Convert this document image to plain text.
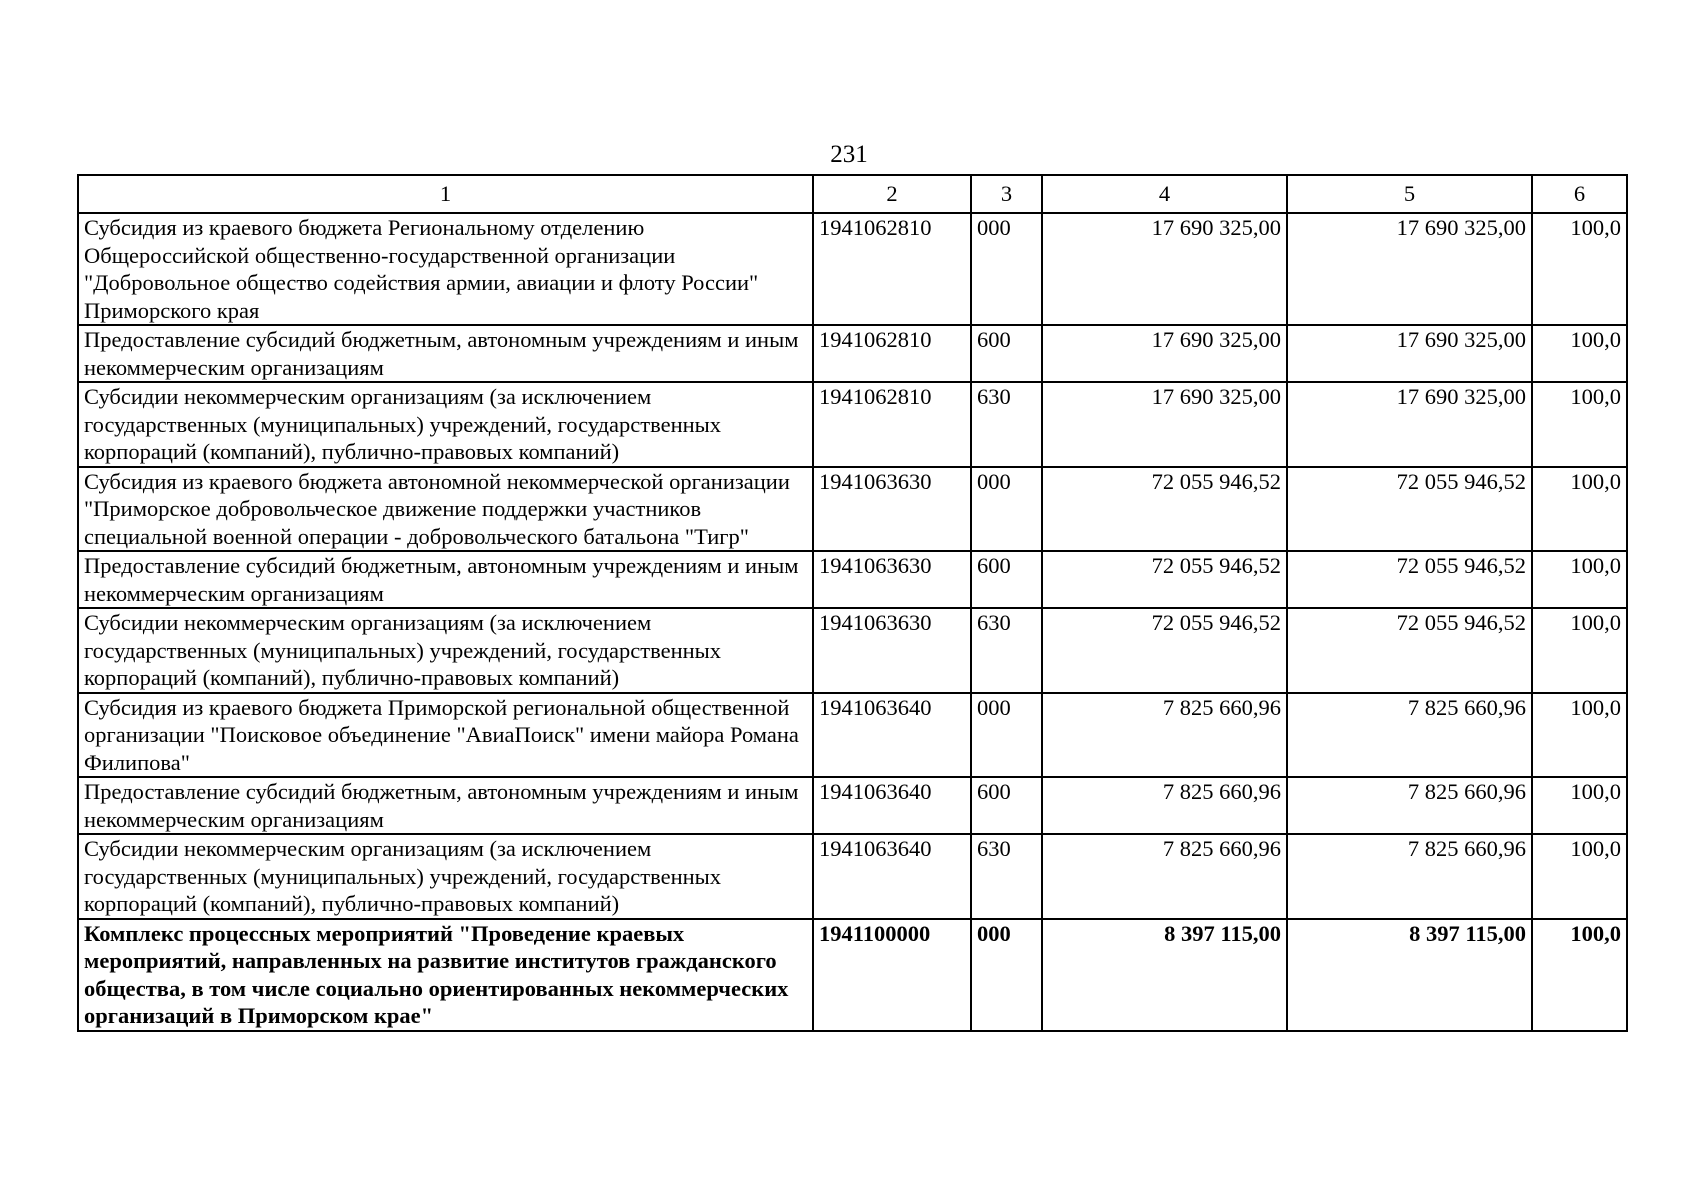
231
1	2	3	4	5	6
Субсидия из краевого бюджета Региональному отделению Общероссийской общественно-государственной организации "Добровольное общество содействия армии, авиации и флоту России" Приморского края	1941062810	000	17 690 325,00	17 690 325,00	100,0
Предоставление субсидий бюджетным, автономным учреждениям и иным некоммерческим организациям	1941062810	600	17 690 325,00	17 690 325,00	100,0
Субсидии некоммерческим организациям (за исключением государственных (муниципальных) учреждений, государственных корпораций (компаний), публично-правовых компаний)	1941062810	630	17 690 325,00	17 690 325,00	100,0
Субсидия из краевого бюджета автономной некоммерческой организации "Приморское добровольческое движение поддержки участников специальной военной операции - добровольческого батальона "Тигр"	1941063630	000	72 055 946,52	72 055 946,52	100,0
Предоставление субсидий бюджетным, автономным учреждениям и иным некоммерческим организациям	1941063630	600	72 055 946,52	72 055 946,52	100,0
Субсидии некоммерческим организациям (за исключением государственных (муниципальных) учреждений, государственных корпораций (компаний), публично-правовых компаний)	1941063630	630	72 055 946,52	72 055 946,52	100,0
Субсидия из краевого бюджета Приморской региональной общественной организации "Поисковое объединение "АвиаПоиск" имени майора Романа Филипова"	1941063640	000	7 825 660,96	7 825 660,96	100,0
Предоставление субсидий бюджетным, автономным учреждениям и иным некоммерческим организациям	1941063640	600	7 825 660,96	7 825 660,96	100,0
Субсидии некоммерческим организациям (за исключением государственных (муниципальных) учреждений, государственных корпораций (компаний), публично-правовых компаний)	1941063640	630	7 825 660,96	7 825 660,96	100,0
Комплекс процессных мероприятий "Проведение краевых мероприятий, направленных на развитие институтов гражданского общества, в том числе социально ориентированных некоммерческих организаций в Приморском крае"	1941100000	000	8 397 115,00	8 397 115,00	100,0
